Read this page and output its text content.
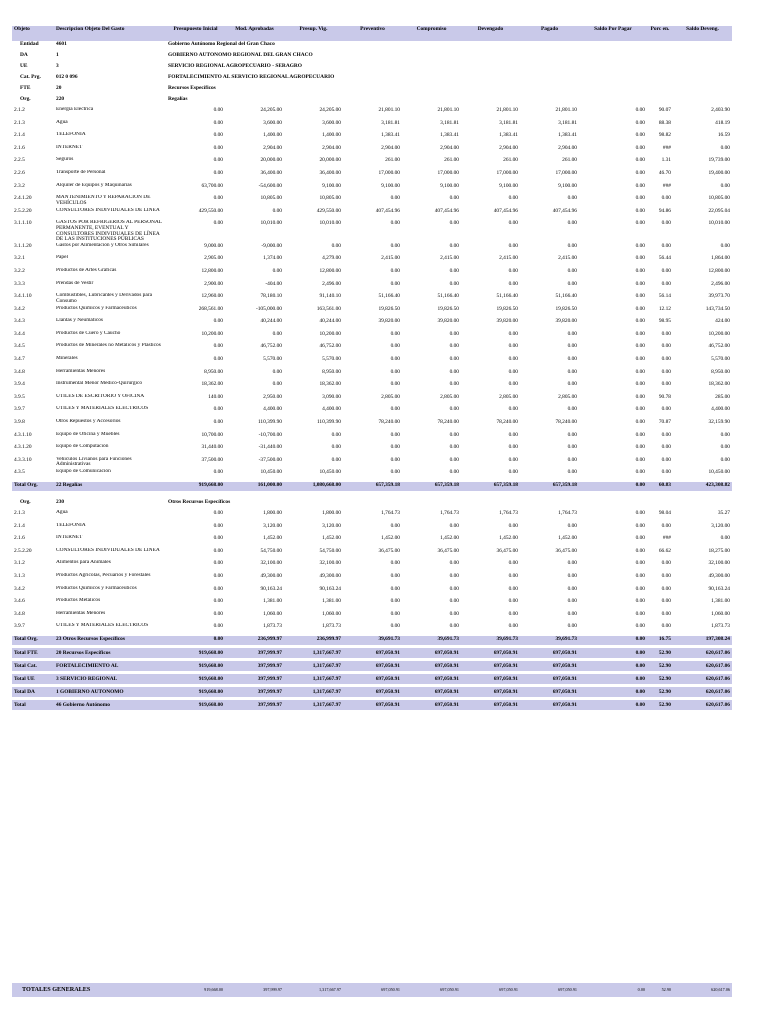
Objeto	Descripcion Objeto Del Gasto	Presupuesto Inicial	Mod. Aprobadas	Presup. Vig.	Preventivo	Compromiso	Devengado	Pagado	Saldo Por Pagar	Porc en.	Saldo Deveng.
Entidad	4601	Gobierno Autónomo Regional del Gran Chaco									
DA	1	GOBIERNO AUTONOMO REGIONAL DEL GRAN CHACO									
UE	3	SERVICIO REGIONAL AGROPECUARIO - SERAGRO									
Cat. Prg.	012 0 096	FORTALECIMIENTO AL SERVICIO REGIONAL AGROPECUARIO									
FTE	20	Recursos Específicos									
Org.	220	Regalías									
2.1.2	Energía Eléctrica	0.00	24,205.00	24,205.00	21,801.10	21,801.10	21,801.10	21,801.10	0.00	90.07	2,403.90
2.1.3	Agua	0.00	3,600.00	3,600.00	3,181.81	3,181.81	3,181.81	3,181.81	0.00	88.38	418.19
2.1.4	TELEFONÍA	0.00	1,400.00	1,400.00	1,383.41	1,383.41	1,383.41	1,383.41	0.00	98.82	16.59
2.1.6	INTERNET	0.00	2,904.00	2,904.00	2,904.00	2,904.00	2,904.00	2,904.00	0.00	###	0.00
2.2.5	Seguros	0.00	20,000.00	20,000.00	261.00	261.00	261.00	261.00	0.00	1.31	19,739.00
2.2.6	Transporte de Personal	0.00	36,400.00	36,400.00	17,000.00	17,000.00	17,000.00	17,000.00	0.00	46.70	19,400.00
2.3.2	Alquiler de Equipos y Maquinarias	63,700.00	-54,600.00	9,100.00	9,100.00	9,100.00	9,100.00	9,100.00	0.00	###	0.00
2.4.1.20	MANTENIMIENTO Y REPARACIÓN DE VEHÍCULOS	0.00	10,805.00	10,805.00	0.00	0.00	0.00	0.00	0.00	0.00	10,805.00
2.5.2.20	CONSULTORES INDIVIDUALES DE LÍNEA	429,550.00	0.00	429,550.00	407,454.96	407,454.96	407,454.96	407,454.96	0.00	94.86	22,095.04
3.1.1.10	GASTOS POR REFRIGERIOS AL PERSONAL PERMANENTE, EVENTUAL Y CONSULTORES INDIVIDUALES DE LÍNEA DE LAS INSTITUCIONES PÚBLICAS	0.00	10,010.00	10,010.00	0.00	0.00	0.00	0.00	0.00	0.00	10,010.00
3.1.1.20	Gastos por Alimentación y Otros Similares	9,000.00	-9,000.00	0.00	0.00	0.00	0.00	0.00	0.00	0.00	0.00
3.2.1	Papel	2,905.00	1,374.00	4,279.00	2,415.00	2,415.00	2,415.00	2,415.00	0.00	56.44	1,864.00
3.2.2	Productos de Artes Gráficas	12,800.00	0.00	12,800.00	0.00	0.00	0.00	0.00	0.00	0.00	12,800.00
3.3.3	Prendas de Vestir	2,900.00	-404.00	2,496.00	0.00	0.00	0.00	0.00	0.00	0.00	2,496.00
3.4.1.10	Combustibles, Lubricantes y Derivados para Consumo	12,960.00	78,180.10	91,140.10	51,166.40	51,166.40	51,166.40	51,166.40	0.00	56.14	39,973.70
3.4.2	Productos Químicos y Farmacéuticos	268,561.00	-105,000.00	163,561.00	19,826.50	19,826.50	19,826.50	19,826.50	0.00	12.12	143,734.50
3.4.3	Llantas y Neumáticos	0.00	40,244.00	40,244.00	39,820.00	39,820.00	39,820.00	39,820.00	0.00	98.95	424.00
3.4.4	Productos de Cuero y Caucho	10,200.00	0.00	10,200.00	0.00	0.00	0.00	0.00	0.00	0.00	10,200.00
3.4.5	Productos de Minerales no Metálicos y Plásticos	0.00	46,752.00	46,752.00	0.00	0.00	0.00	0.00	0.00	0.00	46,752.00
3.4.7	Minerales	0.00	5,570.00	5,570.00	0.00	0.00	0.00	0.00	0.00	0.00	5,570.00
3.4.8	Herramientas Menores	8,950.00	0.00	8,950.00	0.00	0.00	0.00	0.00	0.00	0.00	8,950.00
3.9.4	Instrumental Menor Médico-Quirúrgico	18,362.00	0.00	18,362.00	0.00	0.00	0.00	0.00	0.00	0.00	18,362.00
3.9.5	ÚTILES DE ESCRITORIO Y OFICINA	140.00	2,950.00	3,090.00	2,805.00	2,805.00	2,805.00	2,805.00	0.00	90.78	285.00
3.9.7	ÚTILES Y MATERIALES ELÉCTRICOS	0.00	4,400.00	4,400.00	0.00	0.00	0.00	0.00	0.00	0.00	4,400.00
3.9.8	Otros Repuestos y Accesorios	0.00	110,399.90	110,399.90	78,240.00	78,240.00	78,240.00	78,240.00	0.00	70.87	32,159.90
4.3.1.10	Equipo de Oficina y Muebles	10,700.00	-10,700.00	0.00	0.00	0.00	0.00	0.00	0.00	0.00	0.00
4.3.1.20	Equipo de Computación	31,440.00	-31,440.00	0.00	0.00	0.00	0.00	0.00	0.00	0.00	0.00
4.3.3.10	Vehículos Livianos para Funciones Administrativas	37,500.00	-37,500.00	0.00	0.00	0.00	0.00	0.00	0.00	0.00	0.00
4.3.5	Equipo de Comunicación	0.00	10,450.00	10,450.00	0.00	0.00	0.00	0.00	0.00	0.00	10,450.00
Total Org.	22 Regalías	919,668.00	161,000.00	1,080,668.00	657,359.18	657,359.18	657,359.18	657,359.18	0.00	60.83	423,308.82

Org.	230	Otros Recursos Específicos									
2.1.3	Agua	0.00	1,800.00	1,800.00	1,764.73	1,764.73	1,764.73	1,764.73	0.00	98.04	35.27
2.1.4	TELEFONÍA	0.00	3,120.00	3,120.00	0.00	0.00	0.00	0.00	0.00	0.00	3,120.00
2.1.6	INTERNET	0.00	1,452.00	1,452.00	1,452.00	1,452.00	1,452.00	1,452.00	0.00	###	0.00
2.5.2.20	CONSULTORES INDIVIDUALES DE LÍNEA	0.00	54,750.00	54,750.00	36,475.00	36,475.00	36,475.00	36,475.00	0.00	66.62	18,275.00
3.1.2	Alimentos para Animales	0.00	32,100.00	32,100.00	0.00	0.00	0.00	0.00	0.00	0.00	32,100.00
3.1.3	Productos Agrícolas, Pecuarios y Forestales	0.00	49,300.00	49,300.00	0.00	0.00	0.00	0.00	0.00	0.00	49,300.00
3.4.2	Productos Químicos y Farmacéuticos	0.00	90,163.24	90,163.24	0.00	0.00	0.00	0.00	0.00	0.00	90,163.24
3.4.6	Productos Metálicos	0.00	1,381.00	1,381.00	0.00	0.00	0.00	0.00	0.00	0.00	1,381.00
3.4.8	Herramientas Menores	0.00	1,060.00	1,060.00	0.00	0.00	0.00	0.00	0.00	0.00	1,060.00
3.9.7	ÚTILES Y MATERIALES ELÉCTRICOS	0.00	1,873.73	1,873.73	0.00	0.00	0.00	0.00	0.00	0.00	1,873.73
Total Org.	23 Otros Recursos Específicos	0.00	236,999.97	236,999.97	39,691.73	39,691.73	39,691.73	39,691.73	0.00	16.75	197,308.24
Total FTE	20 Recursos Específicos	919,668.00	397,999.97	1,317,667.97	697,050.91	697,050.91	697,050.91	697,050.91	0.00	52.90	620,617.06
Total Cat.	FORTALECIMIENTO AL	919,668.00	397,999.97	1,317,667.97	697,050.91	697,050.91	697,050.91	697,050.91	0.00	52.90	620,617.06
Total UE	3 SERVICIO REGIONAL	919,668.00	397,999.97	1,317,667.97	697,050.91	697,050.91	697,050.91	697,050.91	0.00	52.90	620,617.06
Total DA	1 GOBIERNO AUTONOMO	919,668.00	397,999.97	1,317,667.97	697,050.91	697,050.91	697,050.91	697,050.91	0.00	52.90	620,617.06
Total	46 Gobierno Autónomo	919,668.00	397,999.97	1,317,667.97	697,050.91	697,050.91	697,050.91	697,050.91	0.00	52.90	620,617.06
TOTALES GENERALES	919,668.00	397,999.97	1,317,667.97	697,050.91	697,050.91	697,050.91	697,050.91	0.00	52.90	620,617.06
